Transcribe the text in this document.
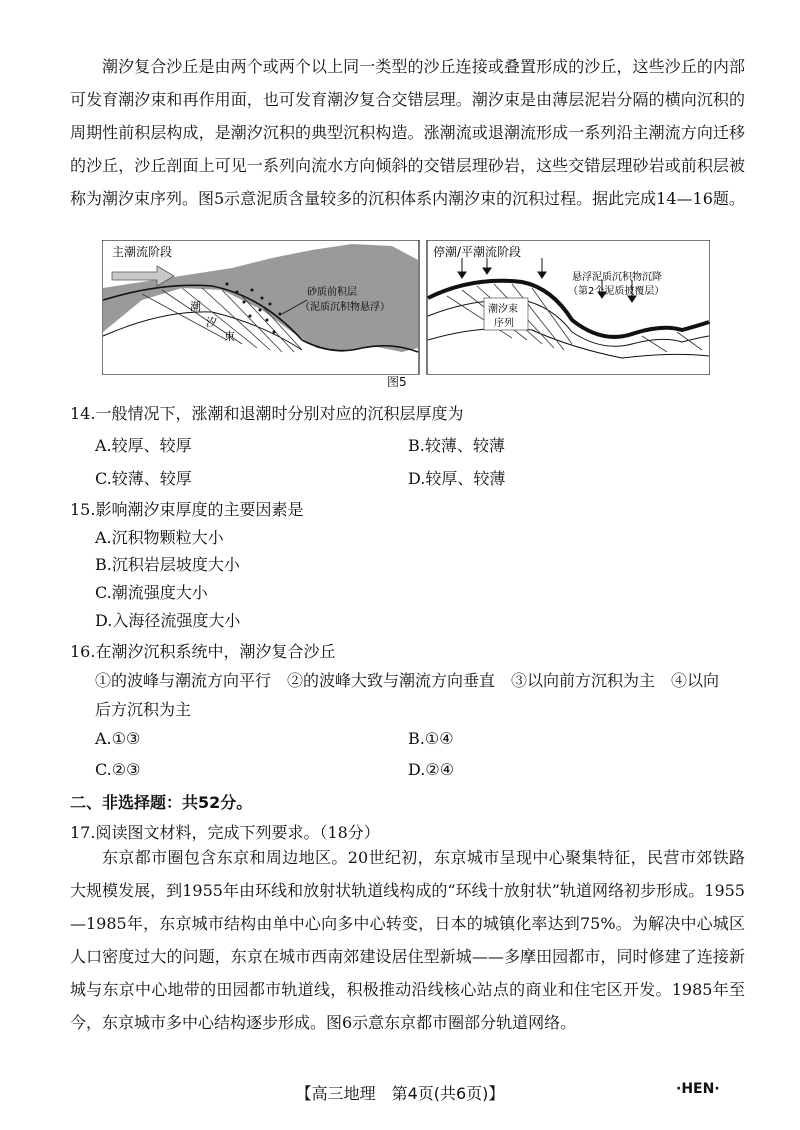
潮汐复合沙丘是由两个或两个以上同一类型的沙丘连接或叠置形成的沙丘，这些沙丘的内部可发育潮汐束和再作用面，也可发育潮汐复合交错层理。潮汐束是由薄层泥岩分隔的横向沉积的周期性前积层构成，是潮汐沉积的典型沉积构造。涨潮流或退潮流形成一系列沿主潮流方向迁移的沙丘，沙丘剖面上可见一系列向流水方向倾斜的交错层理砂岩，这些交错层理砂岩或前积层被称为潮汐束序列。图5示意泥质含量较多的沉积体系内潮汐束的沉积过程。据此完成14—16题。
主潮流阶段
砂质前积层
（泥质沉积物悬浮）
潮
汐
束
停潮/平潮流阶段
悬浮泥质沉积物沉降
（第2个泥质披覆层）
潮汐束
序列
图5
14.一般情况下，涨潮和退潮时分别对应的沉积层厚度为
A.较厚、较厚	B.较薄、较薄
C.较薄、较厚	D.较厚、较薄
15.影响潮汐束厚度的主要因素是
A.沉积物颗粒大小
B.沉积岩层坡度大小
C.潮流强度大小
D.入海径流强度大小
16.在潮汐沉积系统中，潮汐复合沙丘
①的波峰与潮流方向平行　②的波峰大致与潮流方向垂直　③以向前方沉积为主　④以向
后方沉积为主
A.①③	B.①④
C.②③	D.②④
二、非选择题：共52分。
17.阅读图文材料，完成下列要求。（18分）
东京都市圈包含东京和周边地区。20世纪初，东京城市呈现中心聚集特征，民营市郊铁路大规模发展，到1955年由环线和放射状轨道线构成的“环线十放射状”轨道网络初步形成。1955—1985年，东京城市结构由单中心向多中心转变，日本的城镇化率达到75%。为解决中心城区人口密度过大的问题，东京在城市西南郊建设居住型新城——多摩田园都市，同时修建了连接新城与东京中心地带的田园都市轨道线，积极推动沿线核心站点的商业和住宅区开发。1985年至今，东京城市多中心结构逐步形成。图6示意东京都市圈部分轨道网络。
【高三地理　第4页(共6页)】	·HEN·
